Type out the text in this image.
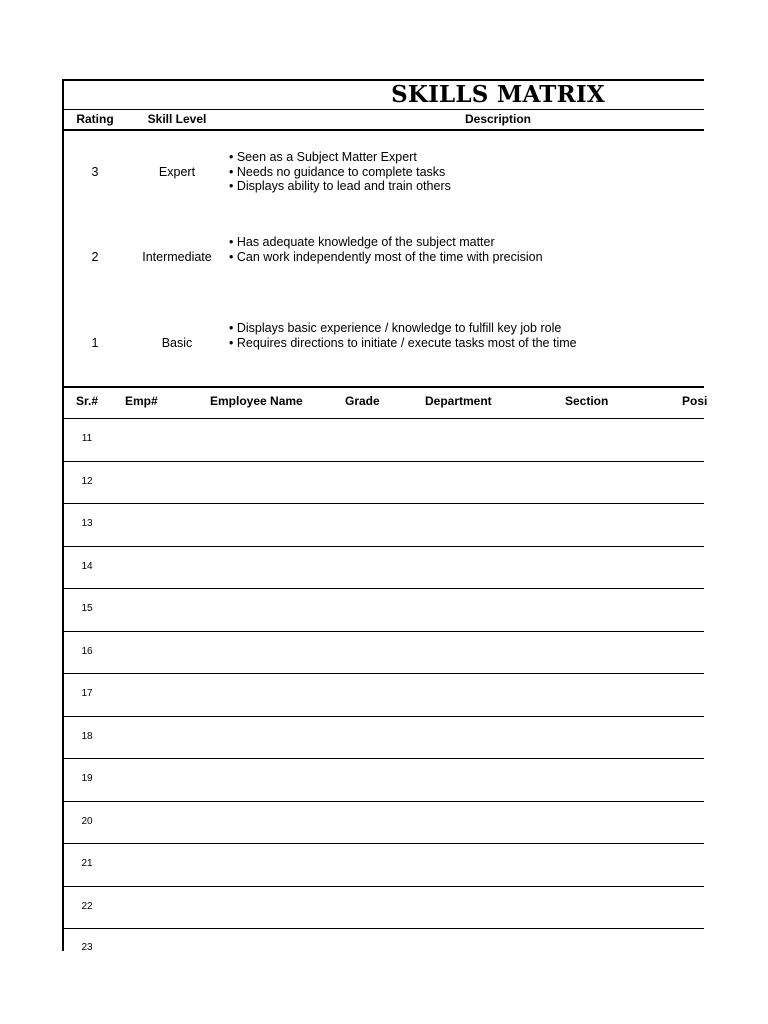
SKILLS MATRIX
Rating	Skill Level	Description
3	Expert
• Seen as a Subject Matter Expert
• Needs no guidance to complete tasks
• Displays ability to lead and train others
2	Intermediate
• Has adequate knowledge of the subject matter
• Can work independently most of the time with precision
1	Basic
• Displays basic experience / knowledge to fulfill key job role
• Requires directions to initiate / execute tasks most of the time
Sr.#	Emp#	Employee Name	Grade	Department	Section	Posi
11
12
13
14
15
16
17
18
19
20
21
22
23
